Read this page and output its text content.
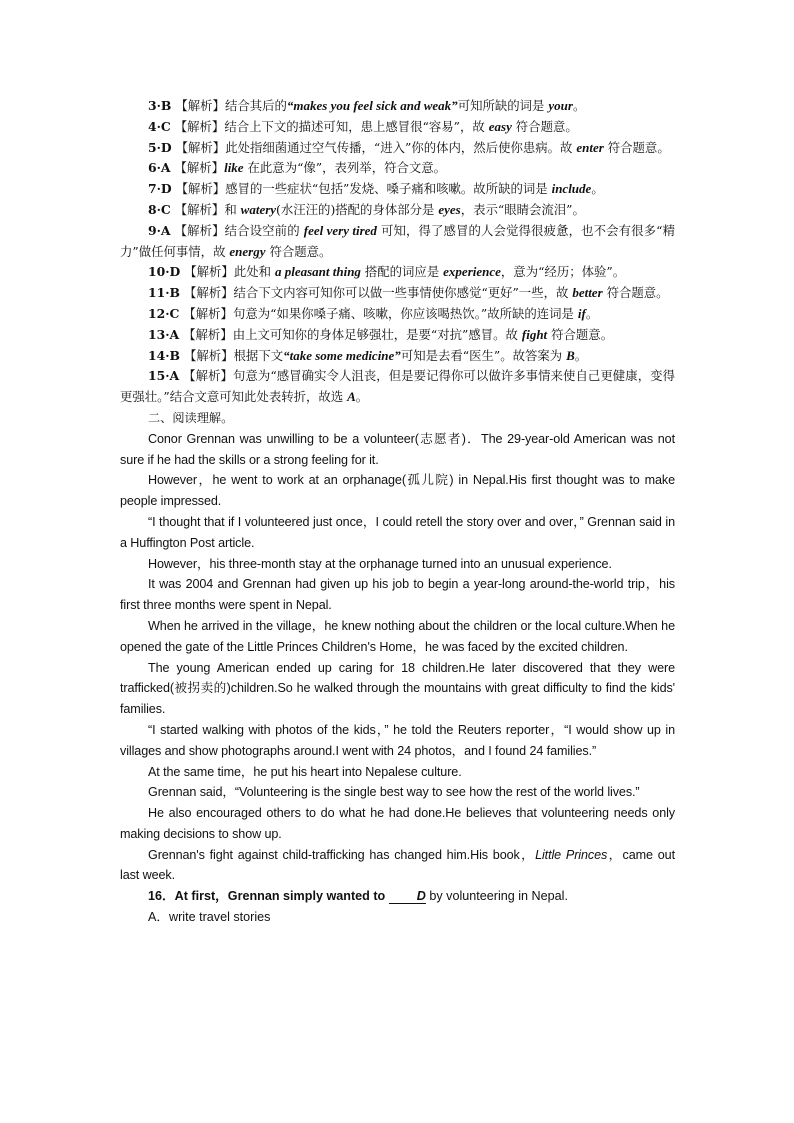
3·B 【解析】结合其后的“makes you feel sick and weak”可知所缺的词是 your。

4·C 【解析】结合上下文的描述可知，患上感冒很“容易”，故 easy 符合题意。

5·D 【解析】此处指细菌通过空气传播，“进入”你的体内，然后使你患病。故 enter 符合题意。

6·A 【解析】like 在此意为“像”，表列举，符合文意。

7·D 【解析】感冒的一些症状“包括”发烧、嗓子痛和咳嗽。故所缺的词是 include。

8·C 【解析】和 watery(水汪汪的)搭配的身体部分是 eyes，表示“眼睛会流泪”。

9·A 【解析】结合设空前的 feel very tired 可知，得了感冒的人会觉得很疲惫，也不会有很多“精力”做任何事情，故 energy 符合题意。

10·D 【解析】此处和 a pleasant thing 搭配的词应是 experience，意为“经历；体验”。

11·B 【解析】结合下文内容可知你可以做一些事情使你感觉“更好”一些，故 better 符合题意。

12·C 【解析】句意为“如果你嗓子痛、咳嗽，你应该喝热饮。”故所缺的连词是 if。

13·A 【解析】由上文可知你的身体足够强壮，是要“对抗”感冒。故 fight 符合题意。

14·B 【解析】根据下文“take some medicine”可知是去看“医生”。故答案为 B。

15·A 【解析】句意为“感冒确实令人沮丧，但是要记得你可以做许多事情来使自己更健康，变得更强壮。”结合文意可知此处表转折，故选 A。

二、阅读理解。

Conor Grennan was unwilling to be a volunteer(志愿者)．The 29-year-old American was not sure if he had the skills or a strong feeling for it.

However，he went to work at an orphanage(孤儿院) in Nepal.His first thought was to make people impressed.

“I thought that if I volunteered just once，I could retell the story over and over，” Grennan said in a Huffington Post article.

However，his three-month stay at the orphanage turned into an unusual experience.

It was 2004 and Grennan had given up his job to begin a year-long around-the-world trip，his first three months were spent in Nepal.

When he arrived in the village，he knew nothing about the children or the local culture.When he opened the gate of the Little Princes Children's Home，he was faced by the excited children.

The young American ended up caring for 18 children.He later discovered that they were trafficked(被拐卖的)children.So he walked through the mountains with great difficulty to find the kids' families.

“I started walking with photos of the kids，” he told the Reuters reporter，“I would show up in villages and show photographs around.I went with 24 photos，and I found 24 families.”

At the same time，he put his heart into Nepalese culture.

Grennan said，“Volunteering is the single best way to see how the rest of the world lives.”

He also encouraged others to do what he had done.He believes that volunteering needs only making decisions to show up.

Grennan's fight against child-trafficking has changed him.His book，Little Princes，came out last week.

16．At first，Grennan simply wanted to D by volunteering in Nepal.

A．write travel stories
